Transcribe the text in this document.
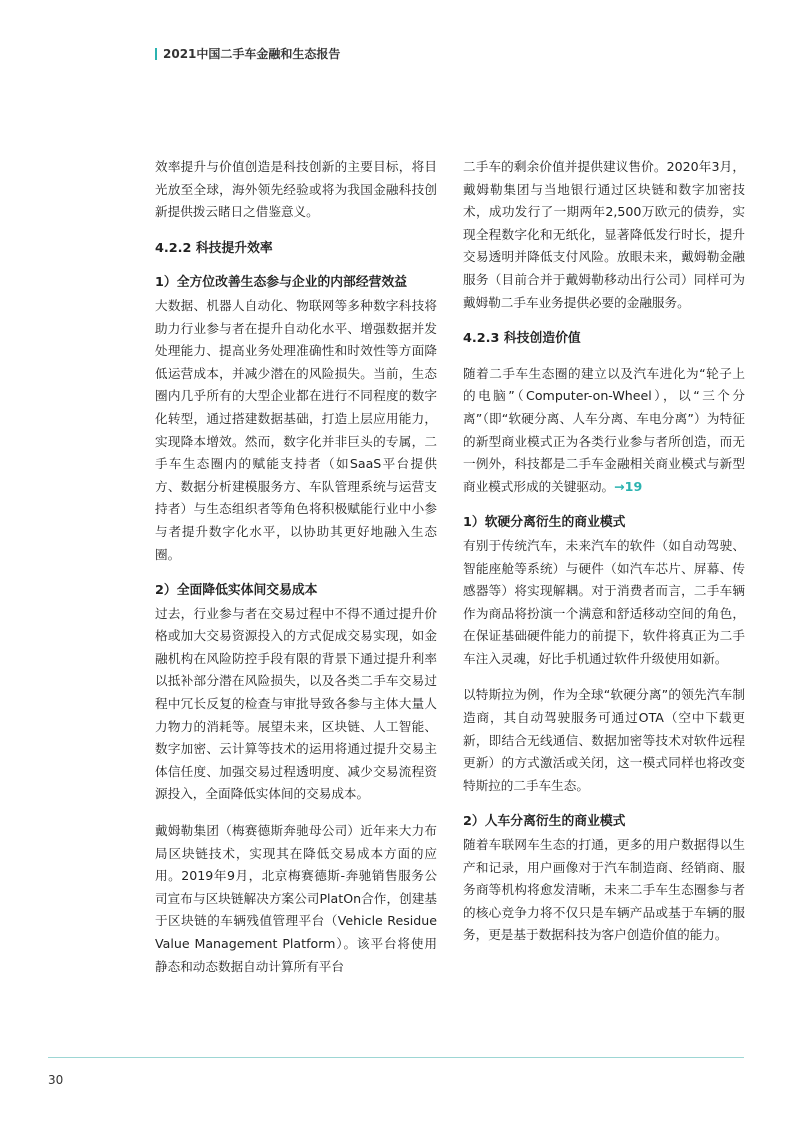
2021中国二手车金融和生态报告

效率提升与价值创造是科技创新的主要目标，将目光放至全球，海外领先经验或将为我国金融科技创新提供拨云睹日之借鉴意义。

4.2.2 科技提升效率
1）全方位改善生态参与企业的内部经营效益

大数据、机器人自动化、物联网等多种数字科技将助力行业参与者在提升自动化水平、增强数据并发处理能力、提高业务处理准确性和时效性等方面降低运营成本，并减少潜在的风险损失。当前，生态圈内几乎所有的大型企业都在进行不同程度的数字化转型，通过搭建数据基础，打造上层应用能力，实现降本增效。然而，数字化并非巨头的专属，二手车生态圈内的赋能支持者（如SaaS平台提供方、数据分析建模服务方、车队管理系统与运营支持者）与生态组织者等角色将积极赋能行业中小参与者提升数字化水平，以协助其更好地融入生态圈。

2）全面降低实体间交易成本

过去，行业参与者在交易过程中不得不通过提升价格或加大交易资源投入的方式促成交易实现，如金融机构在风险防控手段有限的背景下通过提升利率以抵补部分潜在风险损失，以及各类二手车交易过程中冗长反复的检查与审批导致各参与主体大量人力物力的消耗等。展望未来，区块链、人工智能、数字加密、云计算等技术的运用将通过提升交易主体信任度、加强交易过程透明度、减少交易流程资源投入，全面降低实体间的交易成本。

戴姆勒集团（梅赛德斯奔驰母公司）近年来大力布局区块链技术，实现其在降低交易成本方面的应用。2019年9月，北京梅赛德斯-奔驰销售服务公司宣布与区块链解决方案公司PlatOn合作，创建基于区块链的车辆残值管理平台（Vehicle Residue Value Management Platform）。该平台将使用静态和动态数据自动计算所有平台

二手车的剩余价值并提供建议售价。2020年3月，戴姆勒集团与当地银行通过区块链和数字加密技术，成功发行了一期两年2,500万欧元的债券，实现全程数字化和无纸化，显著降低发行时长，提升交易透明并降低支付风险。放眼未来，戴姆勒金融服务（目前合并于戴姆勒移动出行公司）同样可为戴姆勒二手车业务提供必要的金融服务。

4.2.3 科技创造价值

随着二手车生态圈的建立以及汽车进化为“轮子上的电脑”（Computer-on-Wheel），以“三个分离”（即“软硬分离、人车分离、车电分离”）为特征的新型商业模式正为各类行业参与者所创造，而无一例外，科技都是二手车金融相关商业模式与新型商业模式形成的关键驱动。→19

1）软硬分离衍生的商业模式

有别于传统汽车，未来汽车的软件（如自动驾驶、智能座舱等系统）与硬件（如汽车芯片、屏幕、传感器等）将实现解耦。对于消费者而言，二手车辆作为商品将扮演一个满意和舒适移动空间的角色，在保证基础硬件能力的前提下，软件将真正为二手车注入灵魂，好比手机通过软件升级使用如新。

以特斯拉为例，作为全球“软硬分离”的领先汽车制造商，其自动驾驶服务可通过OTA（空中下载更新，即结合无线通信、数据加密等技术对软件远程更新）的方式激活或关闭，这一模式同样也将改变特斯拉的二手车生态。

2）人车分离衍生的商业模式

随着车联网车生态的打通，更多的用户数据得以生产和记录，用户画像对于汽车制造商、经销商、服务商等机构将愈发清晰，未来二手车生态圈参与者的核心竞争力将不仅只是车辆产品或基于车辆的服务，更是基于数据科技为客户创造价值的能力。

30
